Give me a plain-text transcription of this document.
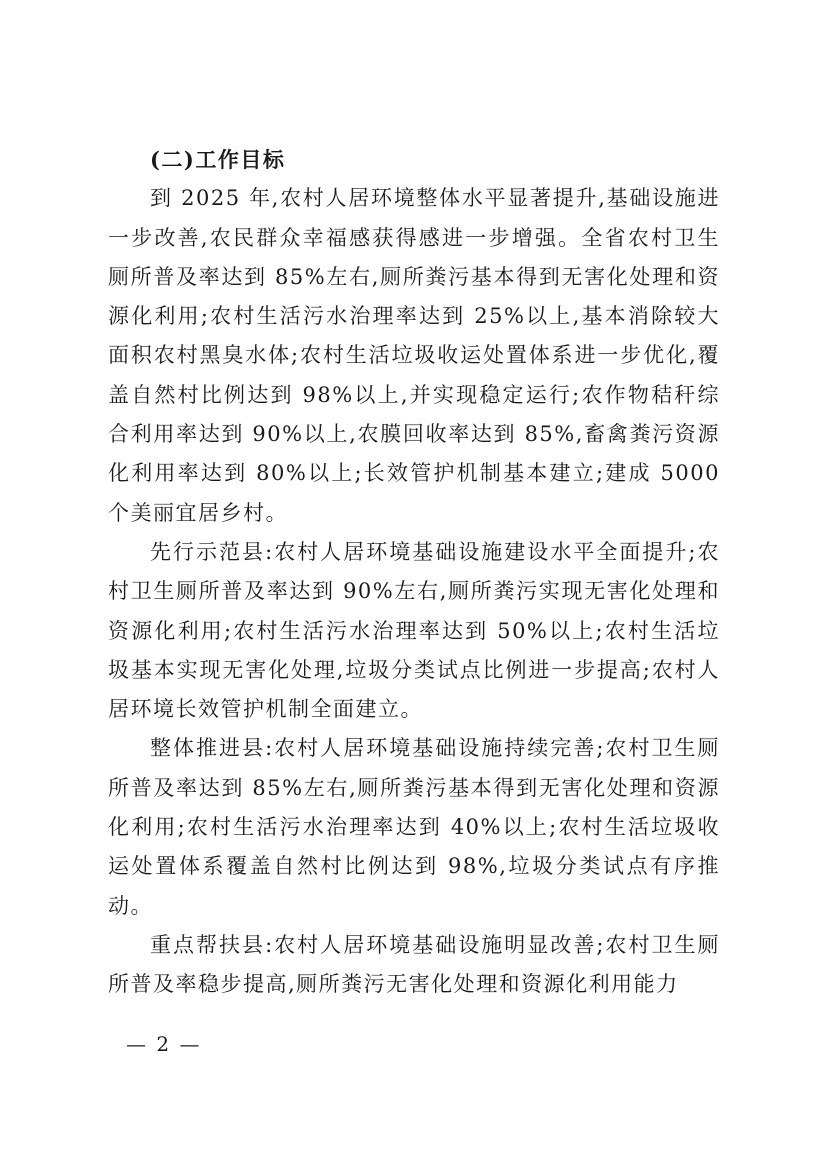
(二)工作目标

到 2025 年,农村人居环境整体水平显著提升,基础设施进一步改善,农民群众幸福感获得感进一步增强。全省农村卫生厕所普及率达到 85%左右,厕所粪污基本得到无害化处理和资源化利用;农村生活污水治理率达到 25%以上,基本消除较大面积农村黑臭水体;农村生活垃圾收运处置体系进一步优化,覆盖自然村比例达到 98%以上,并实现稳定运行;农作物秸秆综合利用率达到 90%以上,农膜回收率达到 85%,畜禽粪污资源化利用率达到 80%以上;长效管护机制基本建立;建成 5000 个美丽宜居乡村。

先行示范县:农村人居环境基础设施建设水平全面提升;农村卫生厕所普及率达到 90%左右,厕所粪污实现无害化处理和资源化利用;农村生活污水治理率达到 50%以上;农村生活垃圾基本实现无害化处理,垃圾分类试点比例进一步提高;农村人居环境长效管护机制全面建立。

整体推进县:农村人居环境基础设施持续完善;农村卫生厕所普及率达到 85%左右,厕所粪污基本得到无害化处理和资源化利用;农村生活污水治理率达到 40%以上;农村生活垃圾收运处置体系覆盖自然村比例达到 98%,垃圾分类试点有序推动。

重点帮扶县:农村人居环境基础设施明显改善;农村卫生厕所普及率稳步提高,厕所粪污无害化处理和资源化利用能力

— 2 —
